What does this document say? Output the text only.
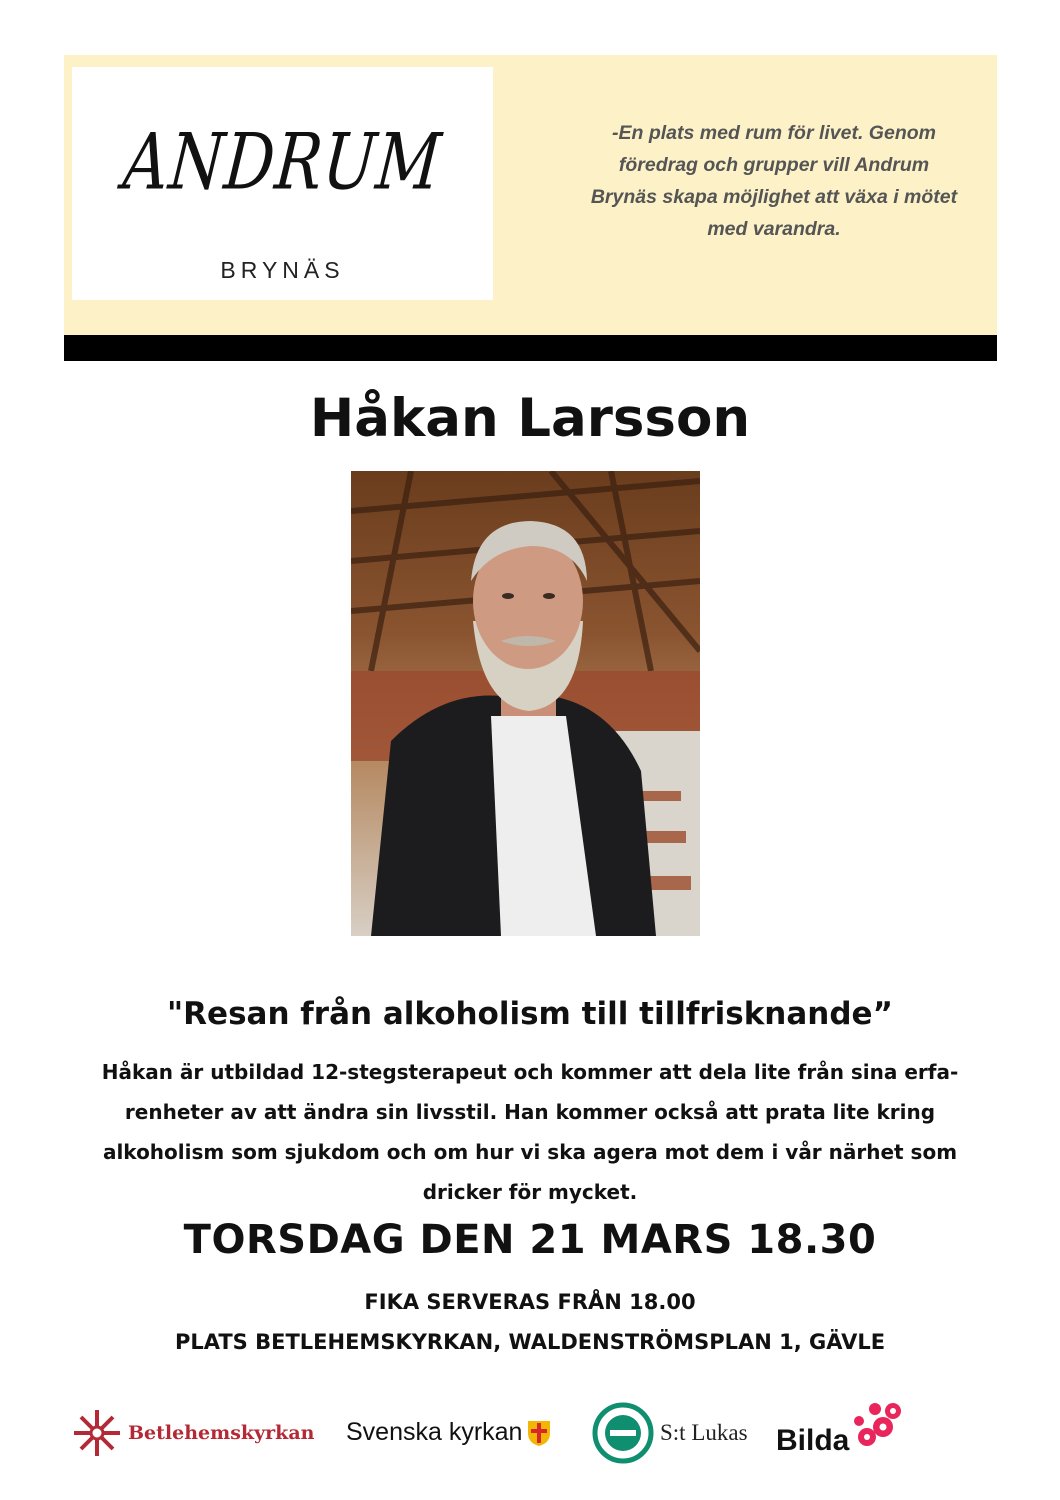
ANDRUM
BRYNÄS
-En plats med rum för livet. Genom föredrag och grupper vill Andrum Brynäs skapa möjlighet att växa i mötet med varandra.
Håkan Larsson
"Resan från alkoholism till tillfrisknande”
Håkan är utbildad 12-stegsterapeut och kommer att dela lite från sina erfa-renheter av att ändra sin livsstil. Han kommer också att prata lite kring alkoholism som sjukdom och om hur vi ska agera mot dem i vår närhet som dricker för mycket.
TORSDAG DEN 21 MARS 18.30
FIKA SERVERAS FRÅN 18.00
PLATS BETLEHEMSKYRKAN, WALDENSTRÖMSPLAN 1, GÄVLE
Betlehemskyrkan Svenska kyrkan	S:t Lukas Bilda
